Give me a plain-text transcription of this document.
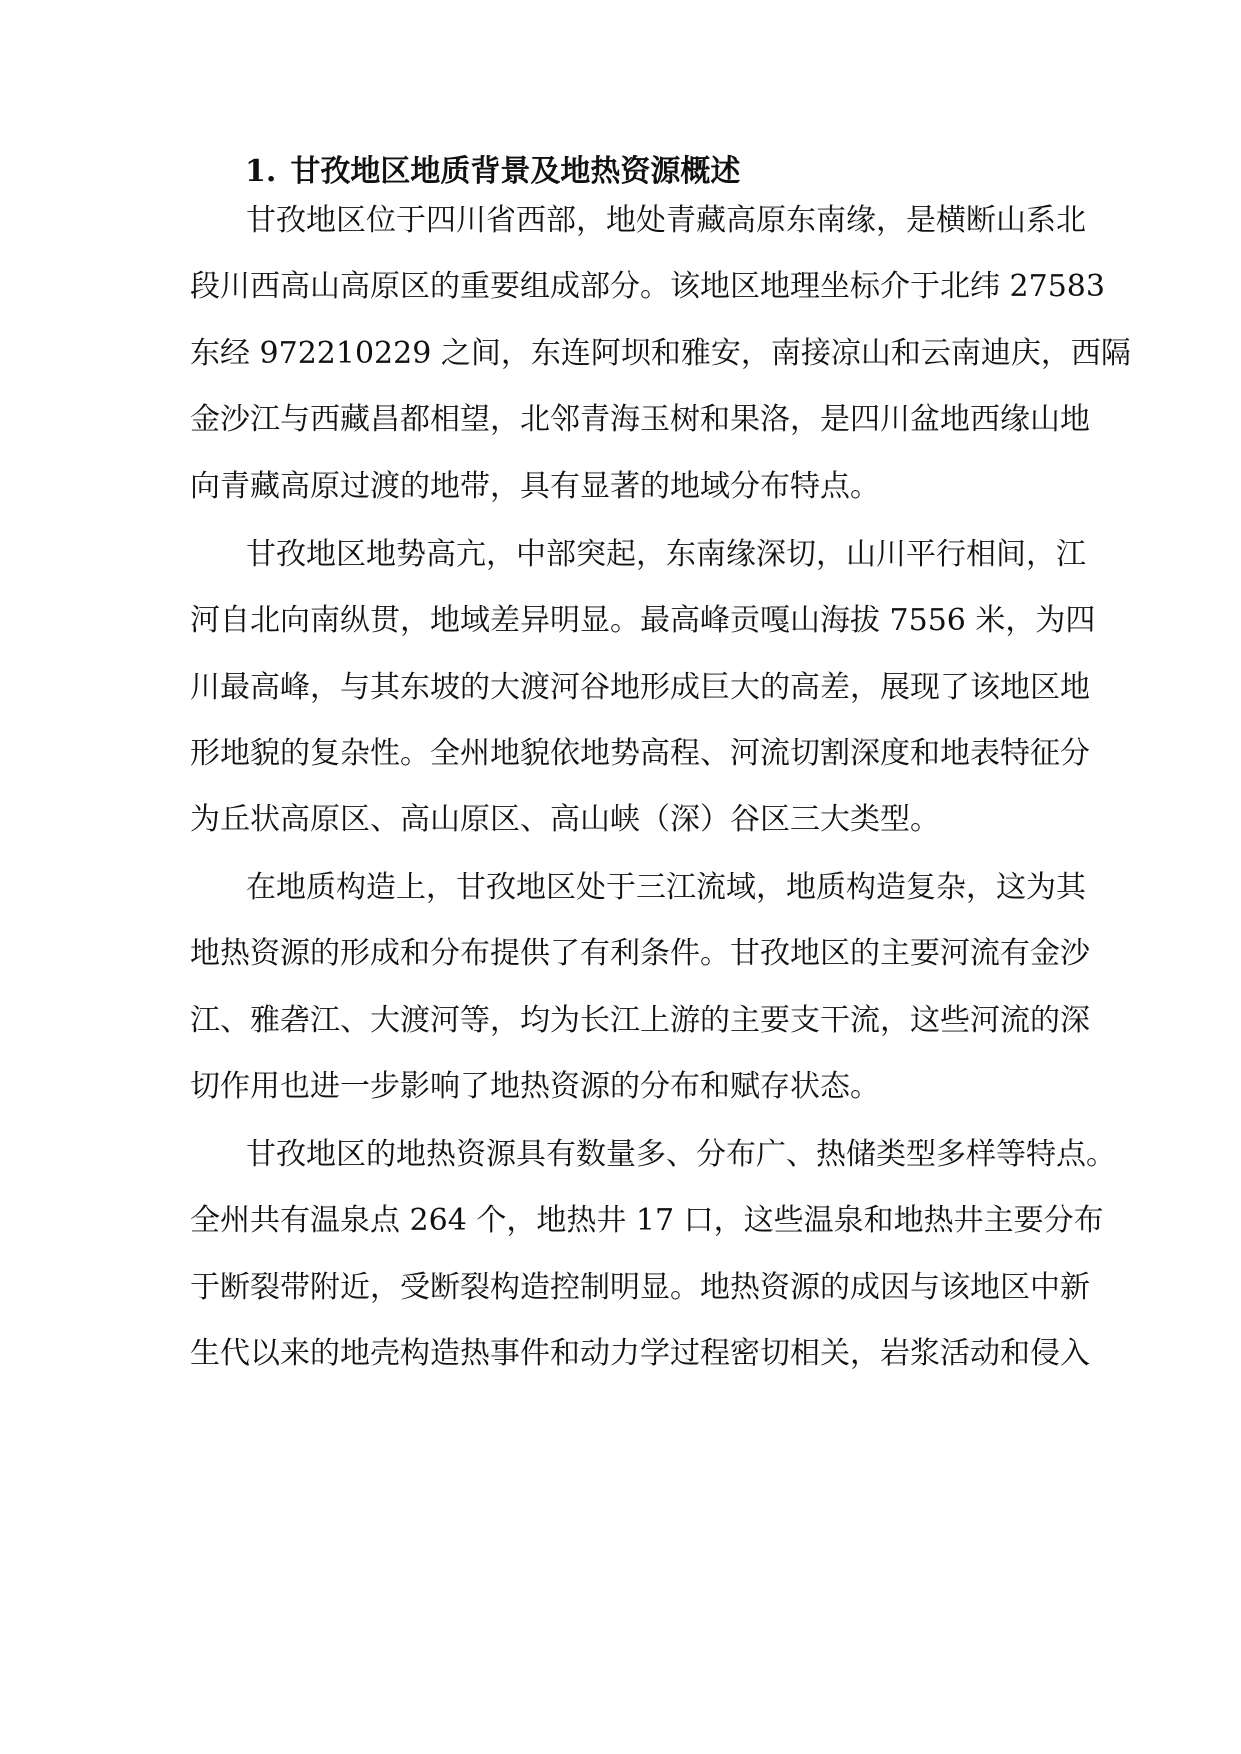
1. 甘孜地区地质背景及地热资源概述
甘孜地区位于四川省西部，地处青藏高原东南缘，是横断山系北
段川西高山高原区的重要组成部分。该地区地理坐标介于北纬 27583
东经 972210229 之间，东连阿坝和雅安，南接凉山和云南迪庆，西隔
金沙江与西藏昌都相望，北邻青海玉树和果洛，是四川盆地西缘山地
向青藏高原过渡的地带，具有显著的地域分布特点。
甘孜地区地势高亢，中部突起，东南缘深切，山川平行相间，江
河自北向南纵贯，地域差异明显。最高峰贡嘎山海拔 7556 米，为四
川最高峰，与其东坡的大渡河谷地形成巨大的高差，展现了该地区地
形地貌的复杂性。全州地貌依地势高程、河流切割深度和地表特征分
为丘状高原区、高山原区、高山峡（深）谷区三大类型。
在地质构造上，甘孜地区处于三江流域，地质构造复杂，这为其
地热资源的形成和分布提供了有利条件。甘孜地区的主要河流有金沙
江、雅砻江、大渡河等，均为长江上游的主要支干流，这些河流的深
切作用也进一步影响了地热资源的分布和赋存状态。
甘孜地区的地热资源具有数量多、分布广、热储类型多样等特点。
全州共有温泉点 264 个，地热井 17 口，这些温泉和地热井主要分布
于断裂带附近，受断裂构造控制明显。地热资源的成因与该地区中新
生代以来的地壳构造热事件和动力学过程密切相关，岩浆活动和侵入
